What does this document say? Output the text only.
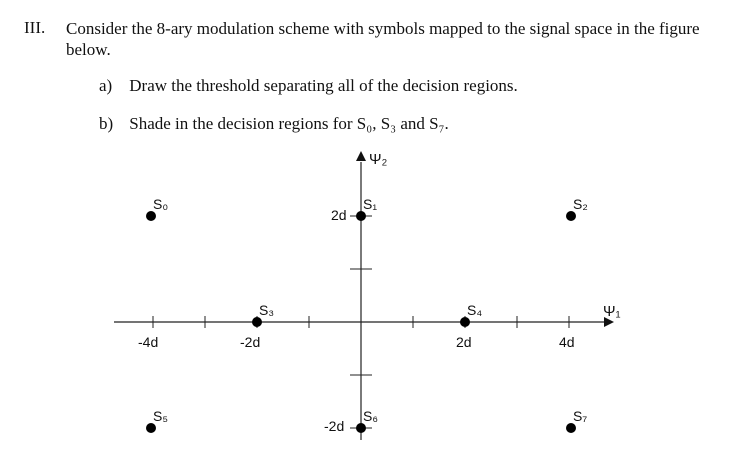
III. Consider the 8-ary modulation scheme with symbols mapped to the signal space in the figure below.
a) Draw the threshold separating all of the decision regions.
b) Shade in the decision regions for S₀, S₃ and S₇.
Ψ₁
Ψ₂
-4d	-2d	2d	4d
2d
-2d
S₀	S₁	S₂
S₃	S₄
S₅	S₆	S₇
